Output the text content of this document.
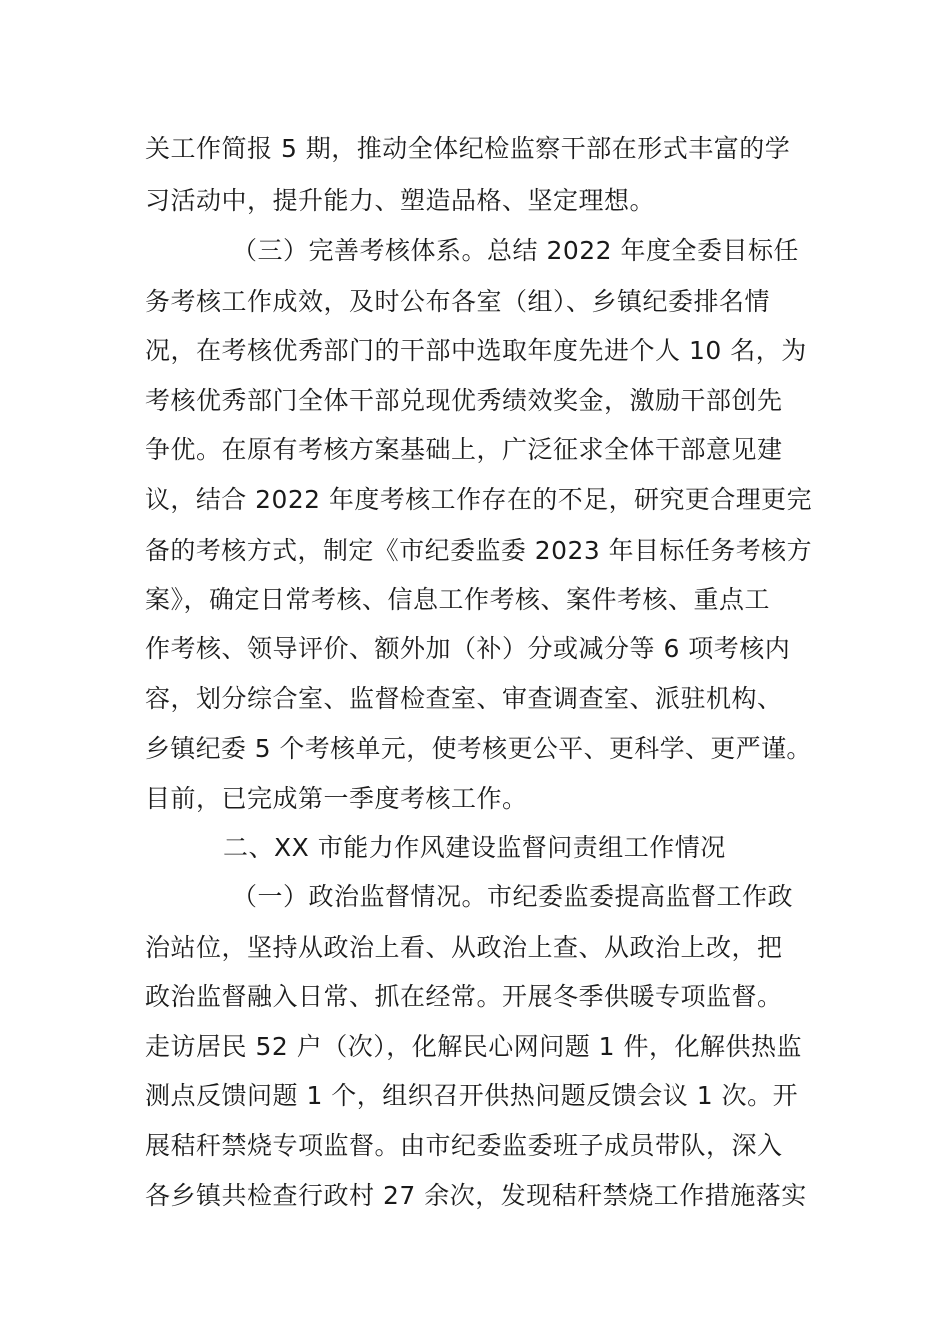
关工作简报 5 期，推动全体纪检监察干部在形式丰富的学
习活动中，提升能力、塑造品格、坚定理想。
（三）完善考核体系。总结 2022 年度全委目标任
务考核工作成效，及时公布各室（组）、乡镇纪委排名情
况，在考核优秀部门的干部中选取年度先进个人 10 名，为
考核优秀部门全体干部兑现优秀绩效奖金，激励干部创先
争优。在原有考核方案基础上，广泛征求全体干部意见建
议，结合 2022 年度考核工作存在的不足，研究更合理更完
备的考核方式，制定《市纪委监委 2023 年目标任务考核方
案》，确定日常考核、信息工作考核、案件考核、重点工
作考核、领导评价、额外加（补）分或减分等 6 项考核内
容，划分综合室、监督检查室、审查调查室、派驻机构、
乡镇纪委 5 个考核单元，使考核更公平、更科学、更严谨。
目前，已完成第一季度考核工作。
二、XX 市能力作风建设监督问责组工作情况
（一）政治监督情况。市纪委监委提高监督工作政
治站位，坚持从政治上看、从政治上查、从政治上改，把
政治监督融入日常、抓在经常。开展冬季供暖专项监督。
走访居民 52 户（次），化解民心网问题 1 件，化解供热监
测点反馈问题 1 个，组织召开供热问题反馈会议 1 次。开
展秸秆禁烧专项监督。由市纪委监委班子成员带队，深入
各乡镇共检查行政村 27 余次，发现秸秆禁烧工作措施落实
